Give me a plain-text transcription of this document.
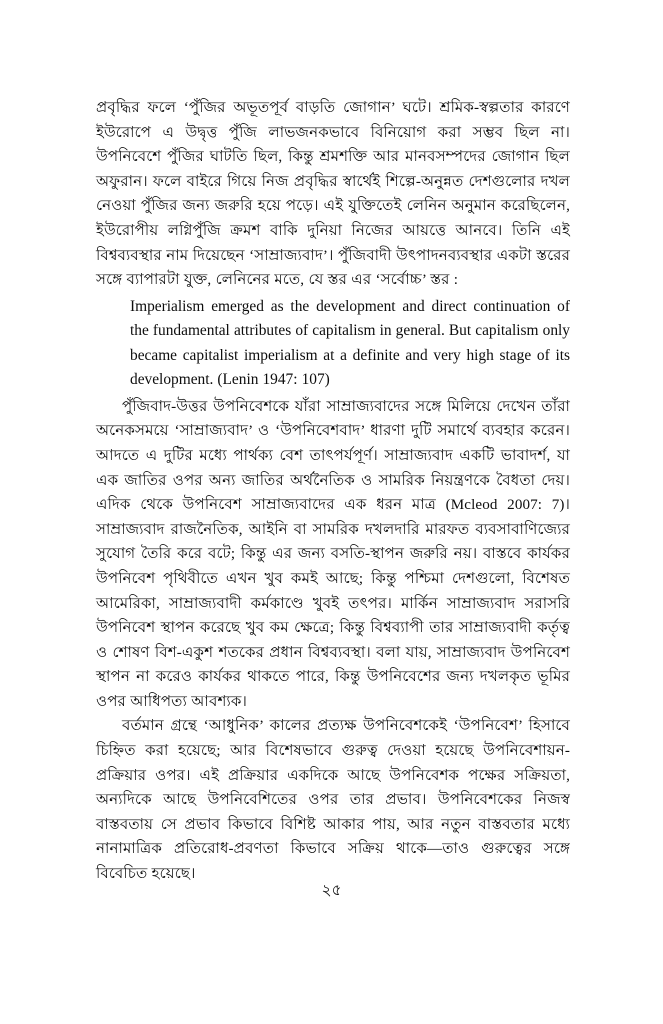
প্রবৃদ্ধির ফলে ‘পুঁজির অভূতপূর্ব বাড়তি জোগান’ ঘটে। শ্রমিক-স্বল্পতার কারণে ইউরোপে এ উদ্বৃত্ত পুঁজি লাভজনকভাবে বিনিয়োগ করা সম্ভব ছিল না। উপনিবেশে পুঁজির ঘাটতি ছিল, কিন্তু শ্রমশক্তি আর মানবসম্পদের জোগান ছিল অফুরান। ফলে বাইরে গিয়ে নিজ প্রবৃদ্ধির স্বার্থেই শিল্পে-অনুন্নত দেশগুলোর দখল নেওয়া পুঁজির জন্য জরুরি হয়ে পড়ে। এই যুক্তিতেই লেনিন অনুমান করেছিলেন, ইউরোপীয় লগ্নিপুঁজি ক্রমশ বাকি দুনিয়া নিজের আয়ত্তে আনবে। তিনি এই বিশ্বব্যবস্থার নাম দিয়েছেন ‘সাম্রাজ্যবাদ’। পুঁজিবাদী উৎপাদনব্যবস্থার একটা স্তরের সঙ্গে ব্যাপারটা যুক্ত, লেনিনের মতে, যে স্তর এর ‘সর্বোচ্চ’ স্তর :

Imperialism emerged as the development and direct continuation of the fundamental attributes of capitalism in general. But capitalism only became capitalist imperialism at a definite and very high stage of its development. (Lenin 1947: 107)

পুঁজিবাদ-উত্তর উপনিবেশকে যাঁরা সাম্রাজ্যবাদের সঙ্গে মিলিয়ে দেখেন তাঁরা অনেকসময়ে ‘সাম্রাজ্যবাদ’ ও ‘উপনিবেশবাদ’ ধারণা দুটি সমার্থে ব্যবহার করেন। আদতে এ দুটির মধ্যে পার্থক্য বেশ তাৎপর্যপূর্ণ। সাম্রাজ্যবাদ একটি ভাবাদর্শ, যা এক জাতির ওপর অন্য জাতির অর্থনৈতিক ও সামরিক নিয়ন্ত্রণকে বৈধতা দেয়। এদিক থেকে উপনিবেশ সাম্রাজ্যবাদের এক ধরন মাত্র (Mcleod 2007: 7)। সাম্রাজ্যবাদ রাজনৈতিক, আইনি বা সামরিক দখলদারি মারফত ব্যবসাবাণিজ্যের সুযোগ তৈরি করে বটে; কিন্তু এর জন্য বসতি-স্থাপন জরুরি নয়। বাস্তবে কার্যকর উপনিবেশ পৃথিবীতে এখন খুব কমই আছে; কিন্তু পশ্চিমা দেশগুলো, বিশেষত আমেরিকা, সাম্রাজ্যবাদী কর্মকাণ্ডে খুবই তৎপর। মার্কিন সাম্রাজ্যবাদ সরাসরি উপনিবেশ স্থাপন করেছে খুব কম ক্ষেত্রে; কিন্তু বিশ্বব্যাপী তার সাম্রাজ্যবাদী কর্তৃত্ব ও শোষণ বিশ-একুশ শতকের প্রধান বিশ্বব্যবস্থা। বলা যায়, সাম্রাজ্যবাদ উপনিবেশ স্থাপন না করেও কার্যকর থাকতে পারে, কিন্তু উপনিবেশের জন্য দখলকৃত ভূমির ওপর আধিপত্য আবশ্যক।

বর্তমান গ্রন্থে ‘আধুনিক’ কালের প্রত্যক্ষ উপনিবেশকেই ‘উপনিবেশ’ হিসাবে চিহ্নিত করা হয়েছে; আর বিশেষভাবে গুরুত্ব দেওয়া হয়েছে উপনিবেশায়ন-প্রক্রিয়ার ওপর। এই প্রক্রিয়ার একদিকে আছে উপনিবেশক পক্ষের সক্রিয়তা, অন্যদিকে আছে উপনিবেশিতের ওপর তার প্রভাব। উপনিবেশকের নিজস্ব বাস্তবতায় সে প্রভাব কিভাবে বিশিষ্ট আকার পায়, আর নতুন বাস্তবতার মধ্যে নানামাত্রিক প্রতিরোধ-প্রবণতা কিভাবে সক্রিয় থাকে—তাও গুরুত্বের সঙ্গে বিবেচিত হয়েছে।

২৫
